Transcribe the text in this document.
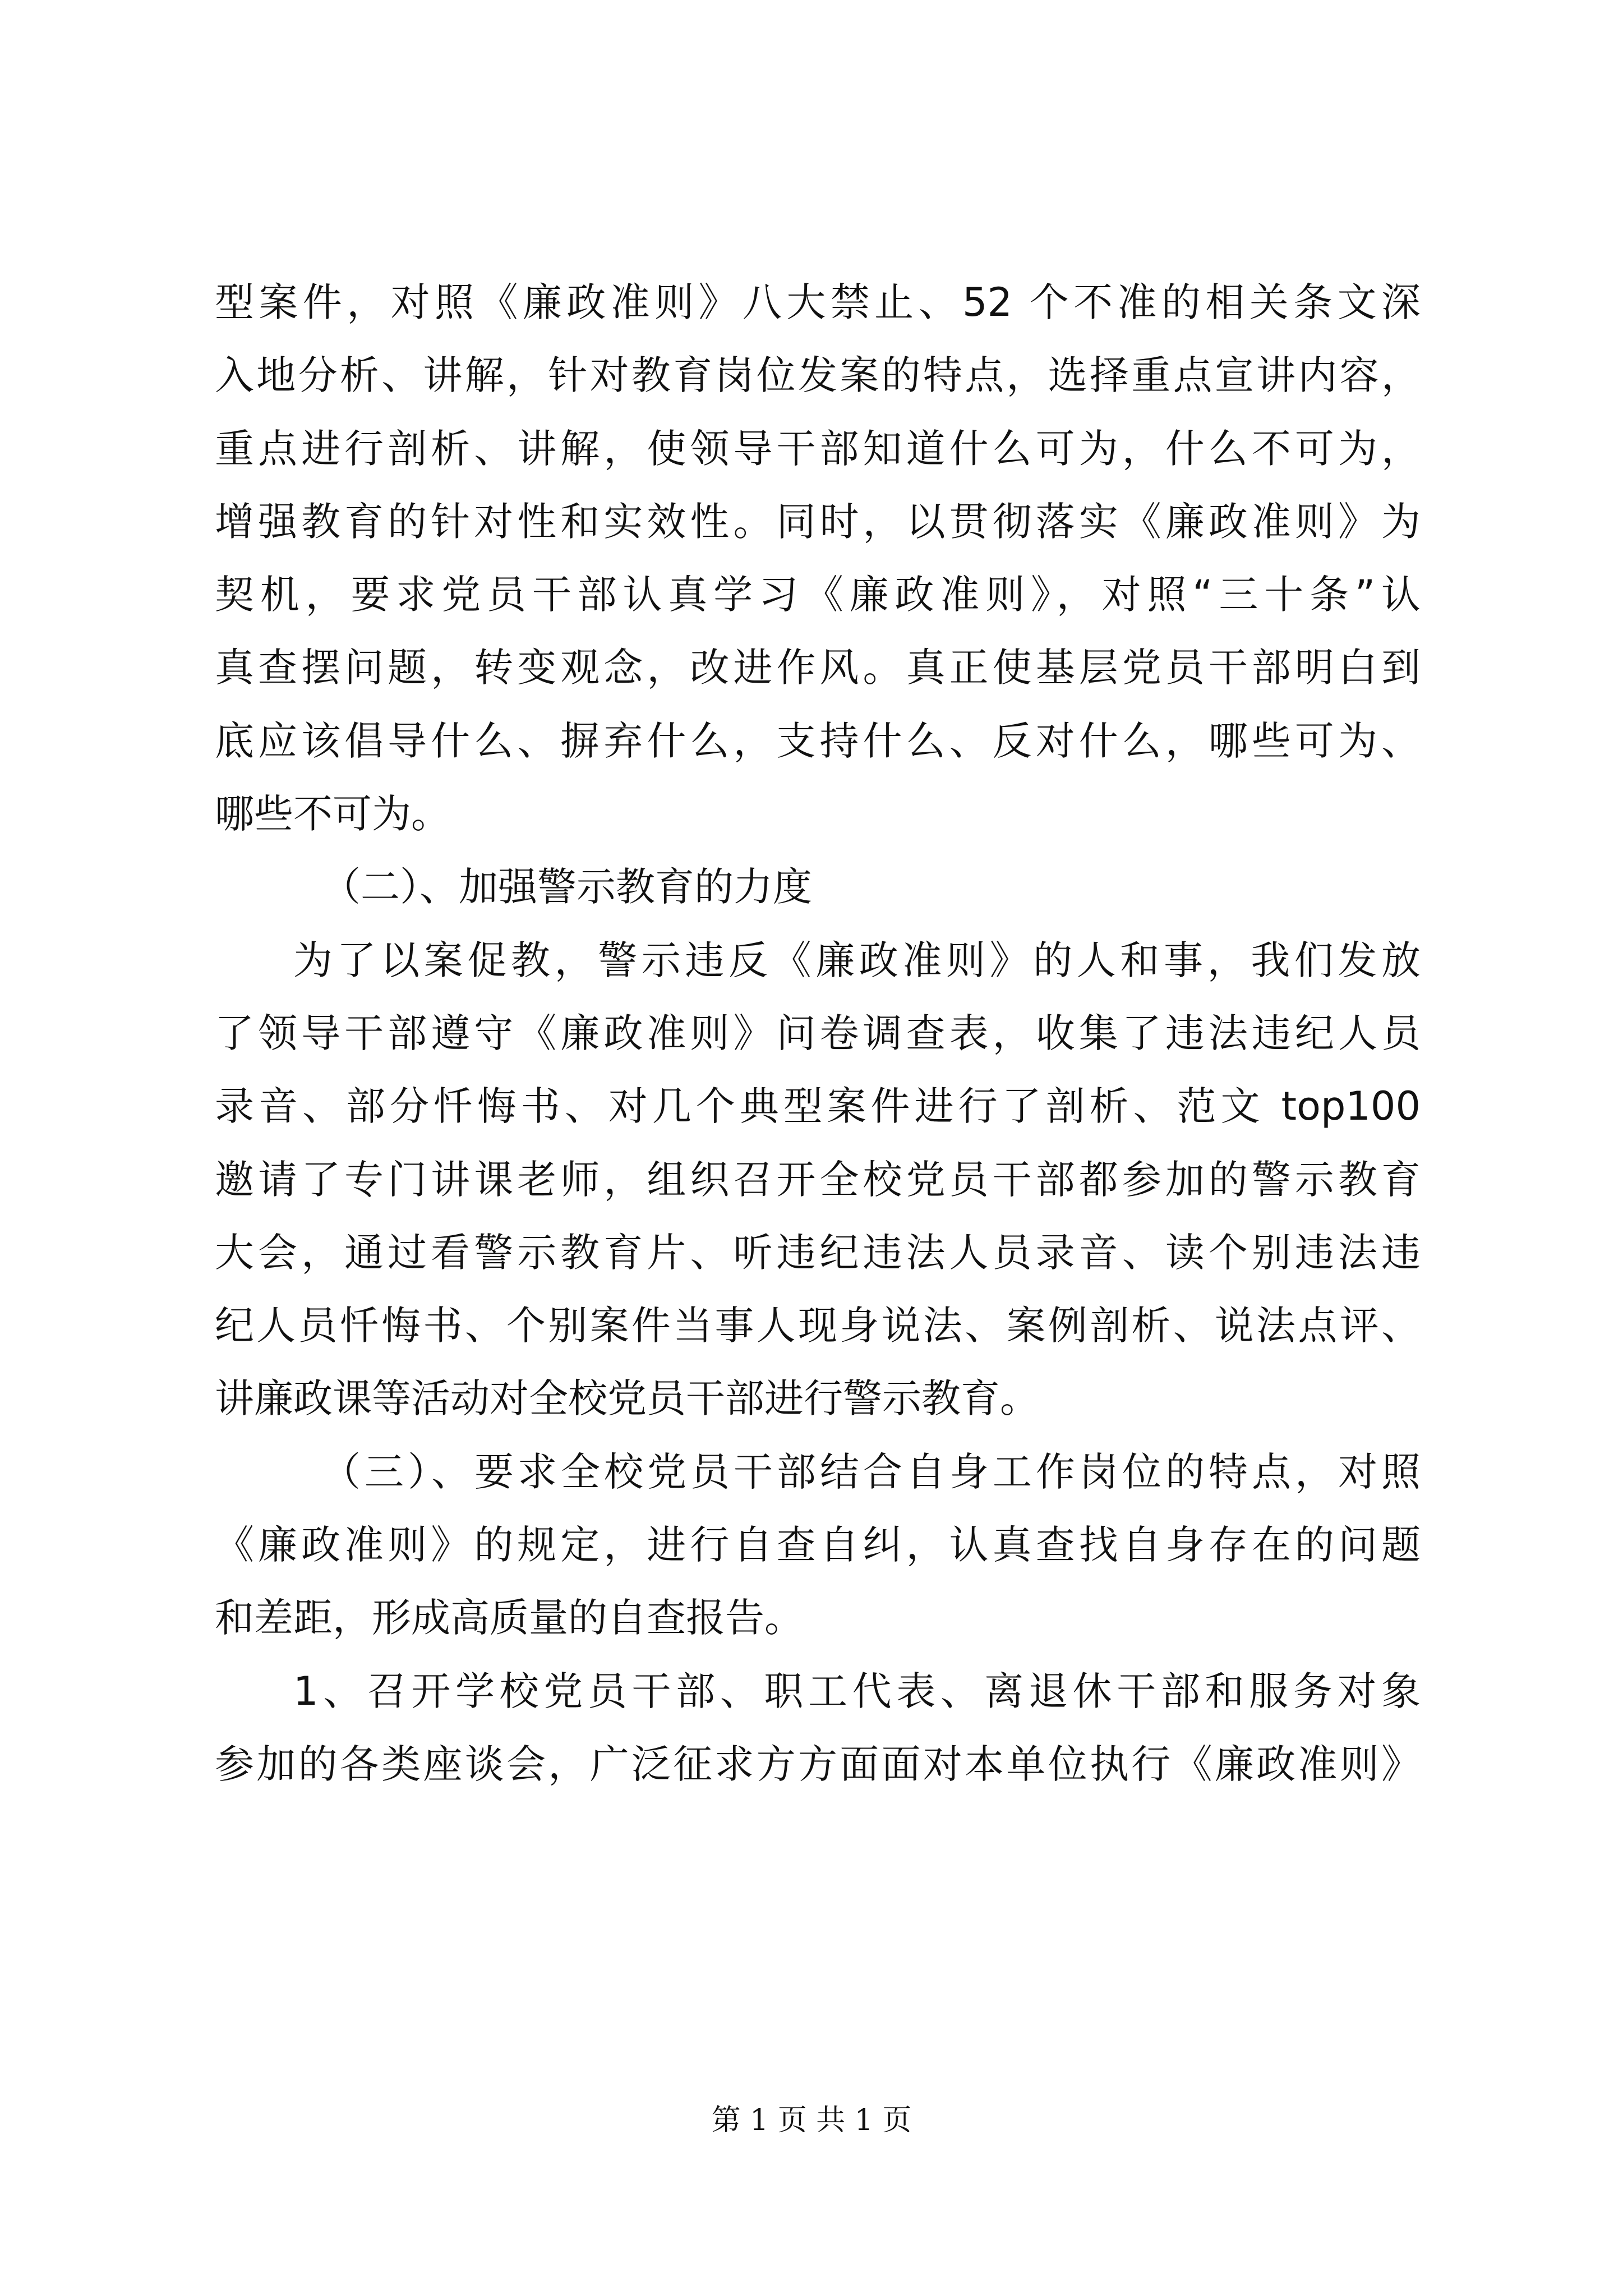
型案件，对照《廉政准则》八大禁止、52 个不准的相关条文深
入地分析、讲解，针对教育岗位发案的特点，选择重点宣讲内容，
重点进行剖析、讲解，使领导干部知道什么可为，什么不可为，
增强教育的针对性和实效性。同时，以贯彻落实《廉政准则》为
契机，要求党员干部认真学习《廉政准则》，对照“三十条”认
真查摆问题，转变观念，改进作风。真正使基层党员干部明白到
底应该倡导什么、摒弃什么，支持什么、反对什么，哪些可为、
哪些不可为。
（二）、加强警示教育的力度
为了以案促教，警示违反《廉政准则》的人和事，我们发放
了领导干部遵守《廉政准则》问卷调查表，收集了违法违纪人员
录音、部分忏悔书、对几个典型案件进行了剖析、范文 top100
邀请了专门讲课老师，组织召开全校党员干部都参加的警示教育
大会，通过看警示教育片、听违纪违法人员录音、读个别违法违
纪人员忏悔书、个别案件当事人现身说法、案例剖析、说法点评、
讲廉政课等活动对全校党员干部进行警示教育。
（三）、要求全校党员干部结合自身工作岗位的特点，对照
《廉政准则》的规定，进行自查自纠，认真查找自身存在的问题
和差距，形成高质量的自查报告。
1、召开学校党员干部、职工代表、离退休干部和服务对象
参加的各类座谈会，广泛征求方方面面对本单位执行《廉政准则》
第 1 页 共 1 页
